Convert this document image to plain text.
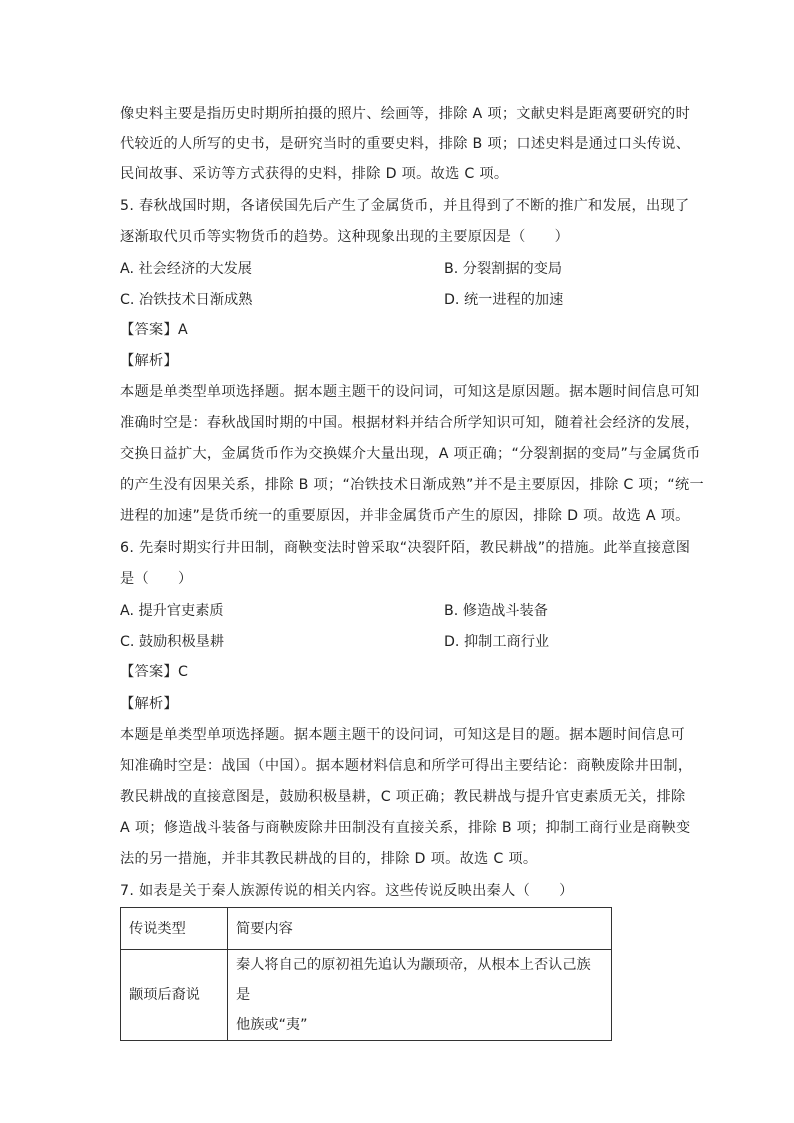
像史料主要是指历史时期所拍摄的照片、绘画等，排除 A 项；文献史料是距离要研究的时
代较近的人所写的史书，是研究当时的重要史料，排除 B 项；口述史料是通过口头传说、
民间故事、采访等方式获得的史料，排除 D 项。故选 C 项。
5. 春秋战国时期，各诸侯国先后产生了金属货币，并且得到了不断的推广和发展，出现了
逐渐取代贝币等实物货币的趋势。这种现象出现的主要原因是（　　）
A. 社会经济的大发展	B. 分裂割据的变局
C. 冶铁技术日渐成熟	D. 统一进程的加速
【答案】A
【解析】
本题是单类型单项选择题。据本题主题干的设问词，可知这是原因题。据本题时间信息可知
准确时空是：春秋战国时期的中国。根据材料并结合所学知识可知，随着社会经济的发展，
交换日益扩大，金属货币作为交换媒介大量出现，A 项正确；“分裂割据的变局”与金属货币
的产生没有因果关系，排除 B 项；“冶铁技术日渐成熟”并不是主要原因，排除 C 项；“统一
进程的加速”是货币统一的重要原因，并非金属货币产生的原因，排除 D 项。故选 A 项。
6. 先秦时期实行井田制，商鞅变法时曾采取“决裂阡陌，教民耕战”的措施。此举直接意图
是（　　）
A. 提升官吏素质	B. 修造战斗装备
C. 鼓励积极垦耕	D. 抑制工商行业
【答案】C
【解析】
本题是单类型单项选择题。据本题主题干的设问词，可知这是目的题。据本题时间信息可
知准确时空是：战国（中国）。据本题材料信息和所学可得出主要结论：商鞅废除井田制，
教民耕战的直接意图是，鼓励积极垦耕，C 项正确；教民耕战与提升官吏素质无关，排除
A 项；修造战斗装备与商鞅废除井田制没有直接关系，排除 B 项；抑制工商行业是商鞅变
法的另一措施，并非其教民耕战的目的，排除 D 项。故选 C 项。
7. 如表是关于秦人族源传说的相关内容。这些传说反映出秦人（　　）
传说类型	简要内容
颛顼后裔说	秦人将自己的原初祖先追认为颛顼帝，从根本上否认己族是
他族或“夷”
